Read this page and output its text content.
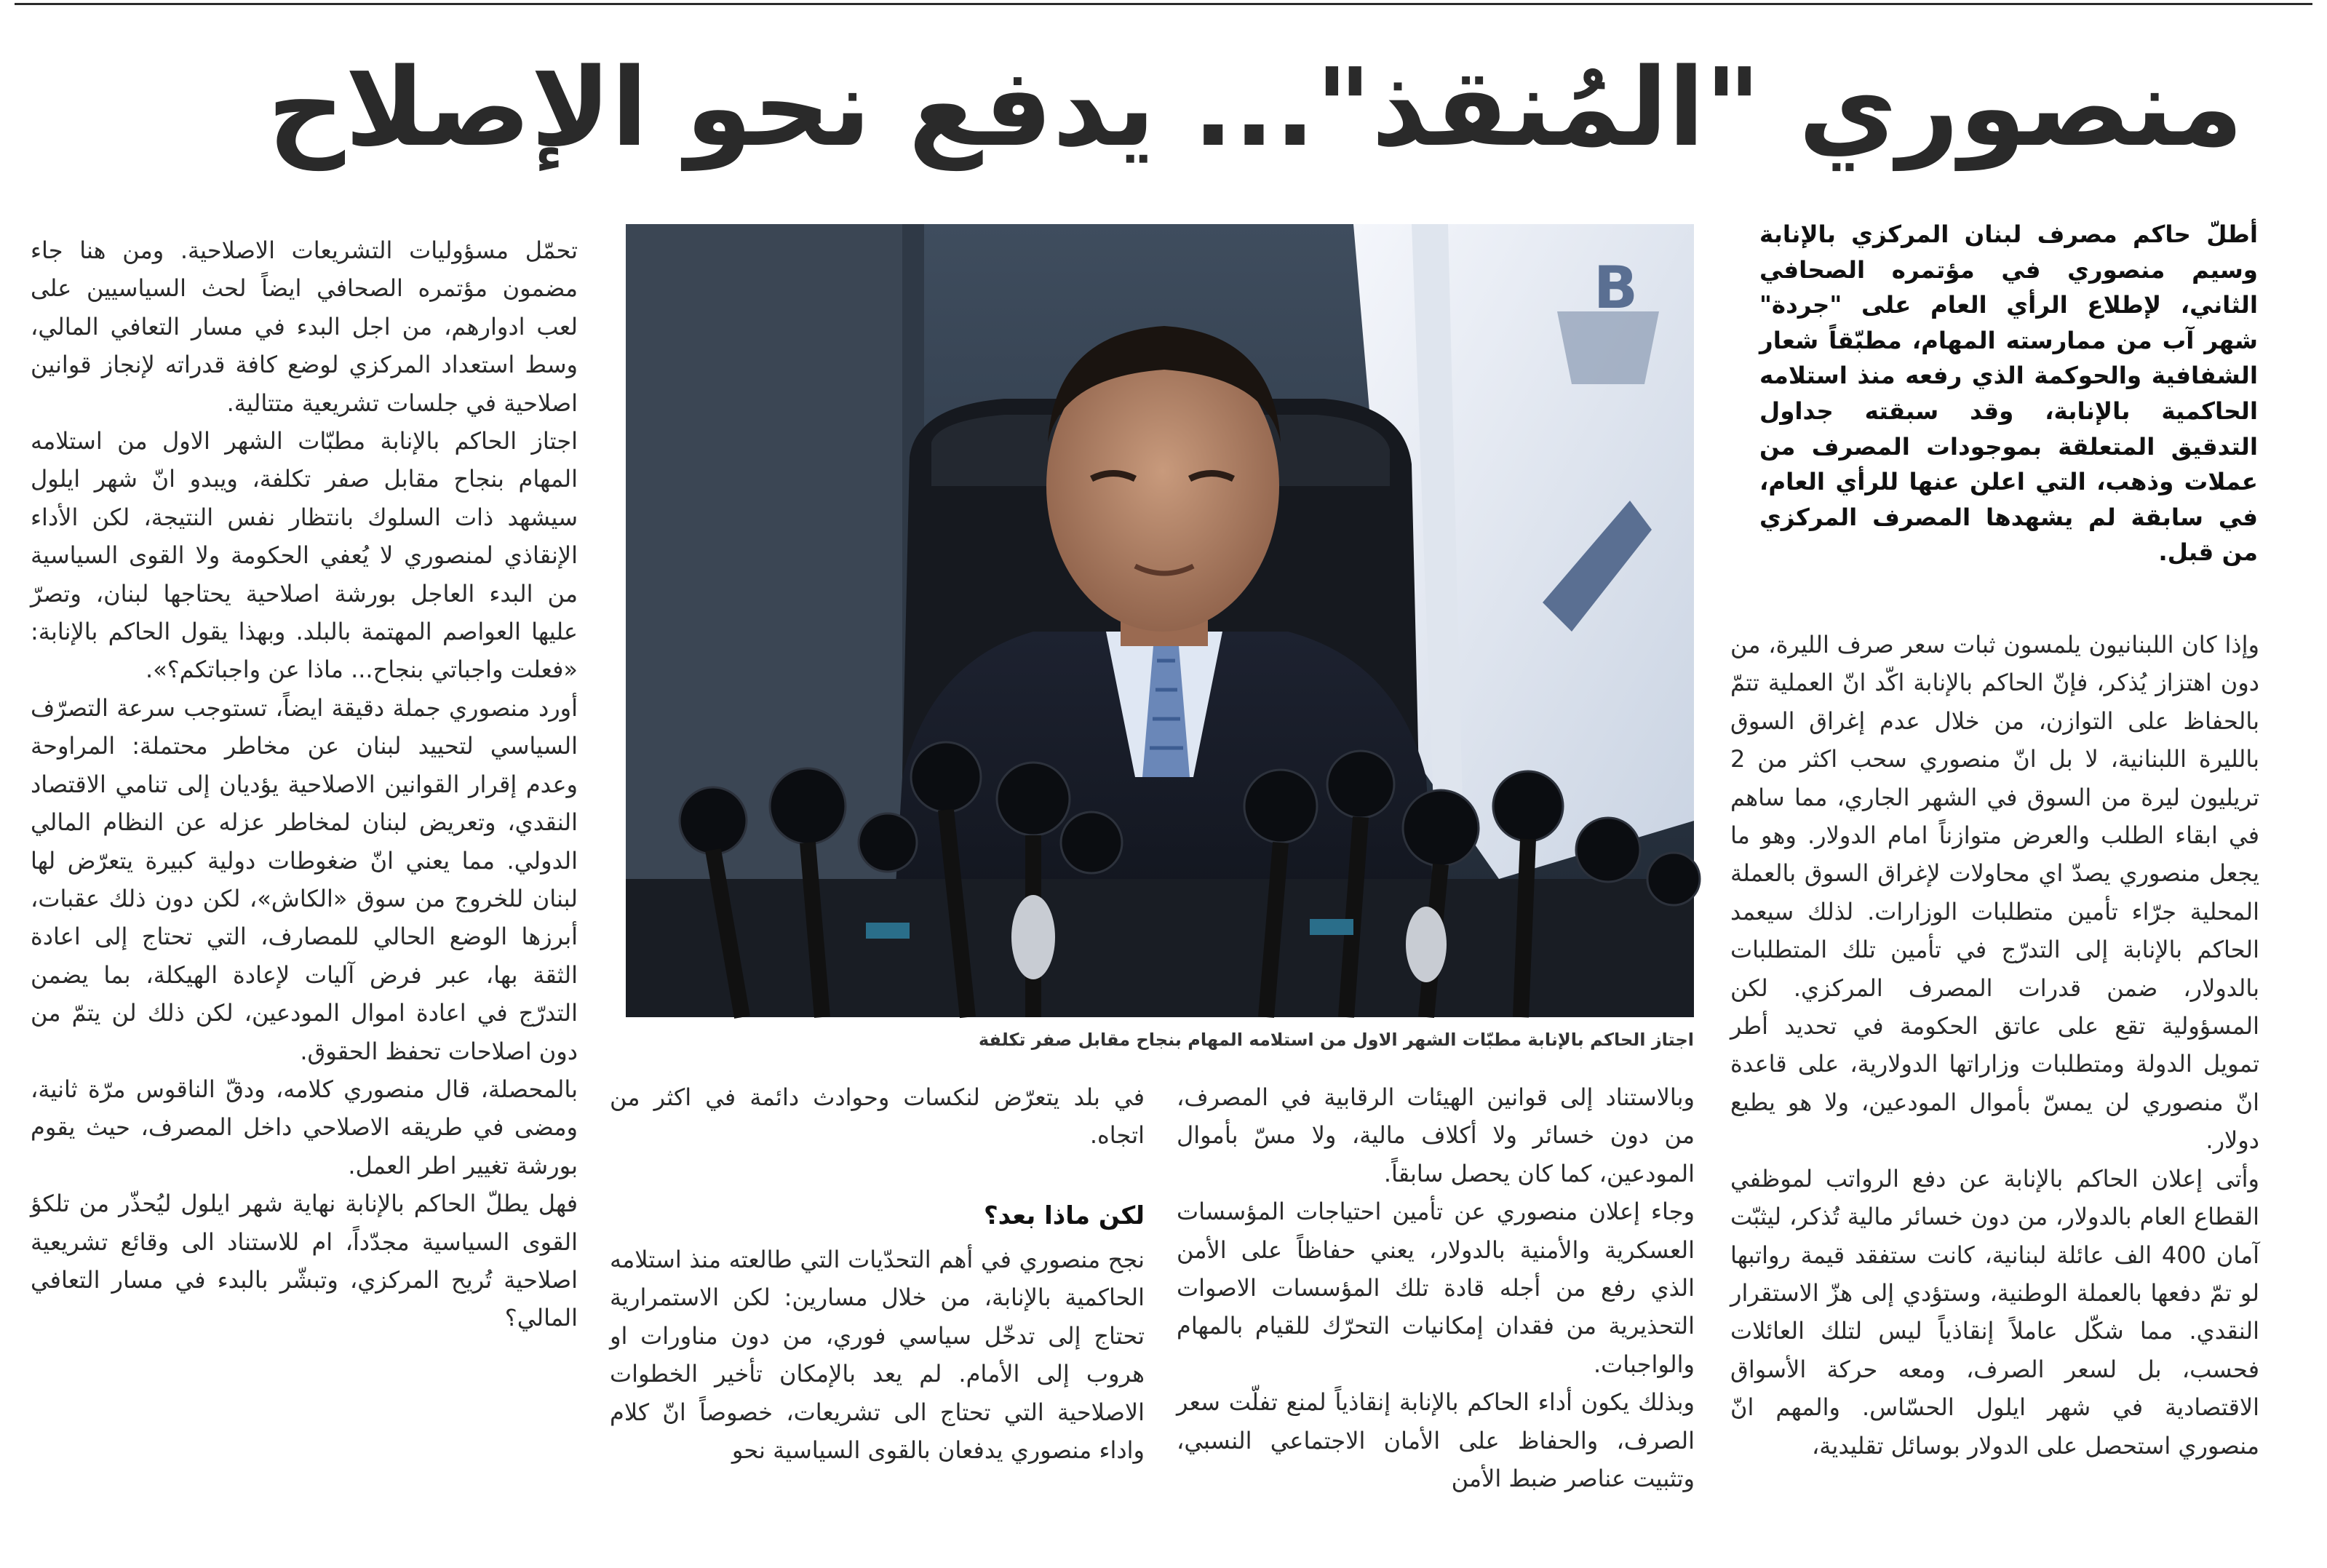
منصوري "المُنقذ"... يدفع نحو الإصلاح
أطلّ حاكم مصرف لبنان المركزي بالإنابة وسيم منصوري في مؤتمره الصحافي الثاني، لإطلاع الرأي العام على "جردة" شهر آب من ممارسته المهام، مطبّقاً شعار الشفافية والحوكمة الذي رفعه منذ استلامه الحاكمية بالإنابة، وقد سبقته جداول التدقيق المتعلقة بموجودات المصرف من عملات وذهب، التي اعلن عنها للرأي العام، في سابقة لم يشهدها المصرف المركزي من قبل.

وإذا كان اللبنانيون يلمسون ثبات سعر صرف الليرة، من دون اهتزاز يُذكر، فإنّ الحاكم بالإنابة اكّد انّ العملية تتمّ بالحفاظ على التوازن، من خلال عدم إغراق السوق بالليرة اللبنانية، لا بل انّ منصوري سحب اكثر من 2 تريليون ليرة من السوق في الشهر الجاري، مما ساهم في ابقاء الطلب والعرض متوازناً امام الدولار. وهو ما يجعل منصوري يصدّ اي محاولات لإغراق السوق بالعملة المحلية جرّاء تأمين متطلبات الوزارات. لذلك سيعمد الحاكم بالإنابة إلى التدرّج في تأمين تلك المتطلبات بالدولار، ضمن قدرات المصرف المركزي. لكن المسؤولية تقع على عاتق الحكومة في تحديد أطر تمويل الدولة ومتطلبات وزاراتها الدولارية، على قاعدة انّ منصوري لن يمسّ بأموال المودعين، ولا هو يطبع دولار.

وأتى إعلان الحاكم بالإنابة عن دفع الرواتب لموظفي القطاع العام بالدولار، من دون خسائر مالية تُذكر، ليثبّت آمان 400 الف عائلة لبنانية، كانت ستفقد قيمة رواتبها لو تمّ دفعها بالعملة الوطنية، وستؤدي إلى هزّ الاستقرار النقدي. مما شكّل عاملاً إنقاذياً ليس لتلك العائلات فحسب، بل لسعر الصرف، ومعه حركة الأسواق الاقتصادية في شهر ايلول الحسّاس. والمهم انّ منصوري استحصل على الدولار بوسائل تقليدية،

B
اجتاز الحاكم بالإنابة مطبّات الشهر الاول من استلامه المهام بنجاح مقابل صفر تكلفة

وبالاستناد إلى قوانين الهيئات الرقابية في المصرف، من دون خسائر ولا أكلاف مالية، ولا مسّ بأموال المودعين، كما كان يحصل سابقاً.

وجاء إعلان منصوري عن تأمين احتياجات المؤسسات العسكرية والأمنية بالدولار، يعني حفاظاً على الأمن الذي رفع من أجله قادة تلك المؤسسات الاصوات التحذيرية من فقدان إمكانيات التحرّك للقيام بالمهام والواجبات.

وبذلك يكون أداء الحاكم بالإنابة إنقاذياً لمنع تفلّت سعر الصرف، والحفاظ على الأمان الاجتماعي النسبي، وتثبيت عناصر ضبط الأمن

في بلد يتعرّض لنكسات وحوادث دائمة في اكثر من اتجاه.

لكن ماذا بعد؟

نجح منصوري في أهم التحدّيات التي طالعته منذ استلامه الحاكمية بالإنابة، من خلال مسارين: لكن الاستمرارية تحتاج إلى تدخّل سياسي فوري، من دون مناورات او هروب إلى الأمام. لم يعد بالإمكان تأخير الخطوات الاصلاحية التي تحتاج الى تشريعات، خصوصاً انّ كلام واداء منصوري يدفعان بالقوى السياسية نحو

تحمّل مسؤوليات التشريعات الاصلاحية. ومن هنا جاء مضمون مؤتمره الصحافي ايضاً لحث السياسيين على لعب ادوارهم، من اجل البدء في مسار التعافي المالي، وسط استعداد المركزي لوضع كافة قدراته لإنجاز قوانين اصلاحية في جلسات تشريعية متتالية.

اجتاز الحاكم بالإنابة مطبّات الشهر الاول من استلامه المهام بنجاح مقابل صفر تكلفة، ويبدو انّ شهر ايلول سيشهد ذات السلوك بانتظار نفس النتيجة، لكن الأداء الإنقاذي لمنصوري لا يُعفي الحكومة ولا القوى السياسية من البدء العاجل بورشة اصلاحية يحتاجها لبنان، وتصرّ عليها العواصم المهتمة بالبلد. وبهذا يقول الحاكم بالإنابة: «فعلت واجباتي بنجاح... ماذا عن واجباتكم؟».

أورد منصوري جملة دقيقة ايضاً، تستوجب سرعة التصرّف السياسي لتحييد لبنان عن مخاطر محتملة: المراوحة وعدم إقرار القوانين الاصلاحية يؤديان إلى تنامي الاقتصاد النقدي، وتعريض لبنان لمخاطر عزله عن النظام المالي الدولي. مما يعني انّ ضغوطات دولية كبيرة يتعرّض لها لبنان للخروج من سوق «الكاش»، لكن دون ذلك عقبات، أبرزها الوضع الحالي للمصارف، التي تحتاج إلى اعادة الثقة بها، عبر فرض آليات لإعادة الهيكلة، بما يضمن التدرّج في اعادة اموال المودعين، لكن ذلك لن يتمّ من دون اصلاحات تحفظ الحقوق.

بالمحصلة، قال منصوري كلامه، ودقّ الناقوس مرّة ثانية، ومضى في طريقه الاصلاحي داخل المصرف، حيث يقوم بورشة تغيير اطر العمل.

فهل يطلّ الحاكم بالإنابة نهاية شهر ايلول ليُحذّر من تلكؤ القوى السياسية مجدّداً، ام للاستناد الى وقائع تشريعية اصلاحية تُريح المركزي، وتبشّر بالبدء في مسار التعافي المالي؟
